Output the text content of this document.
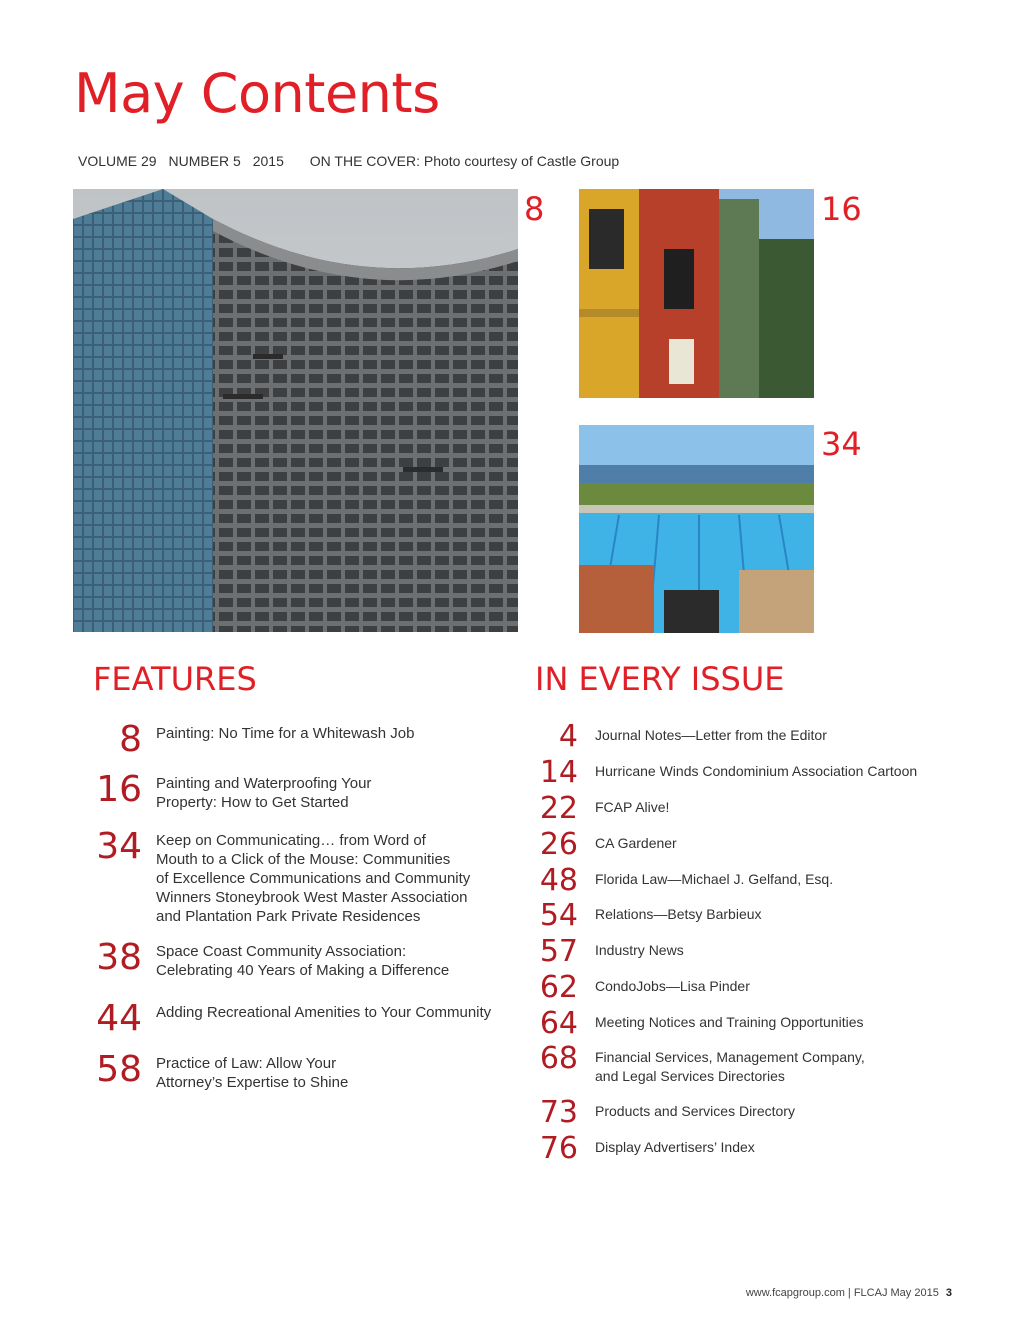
May Contents
VOLUME 29 NUMBER 5 2015 ON THE COVER: Photo courtesy of Castle Group
8	16
34
FEATURES
8 Painting: No Time for a Whitewash Job
16 Painting and Waterproofing Your
Property: How to Get Started
34 Keep on Communicating… from Word of
Mouth to a Click of the Mouse: Communities
of Excellence Communications and Community
Winners Stoneybrook West Master Association
and Plantation Park Private Residences
38 Space Coast Community Association:
Celebrating 40 Years of Making a Difference
44 Adding Recreational Amenities to Your Community
58 Practice of Law: Allow Your
Attorney’s Expertise to Shine
IN EVERY ISSUE
4 Journal Notes—Letter from the Editor
14 Hurricane Winds Condominium Association Cartoon
22 FCAP Alive!
26 CA Gardener
48 Florida Law—Michael J. Gelfand, Esq.
54 Relations—Betsy Barbieux
57 Industry News
62 CondoJobs—Lisa Pinder
64 Meeting Notices and Training Opportunities
68 Financial Services, Management Company,
and Legal Services Directories
73 Products and Services Directory
76 Display Advertisers’ Index
www.fcapgroup.com | FLCAJ May 2015 3
